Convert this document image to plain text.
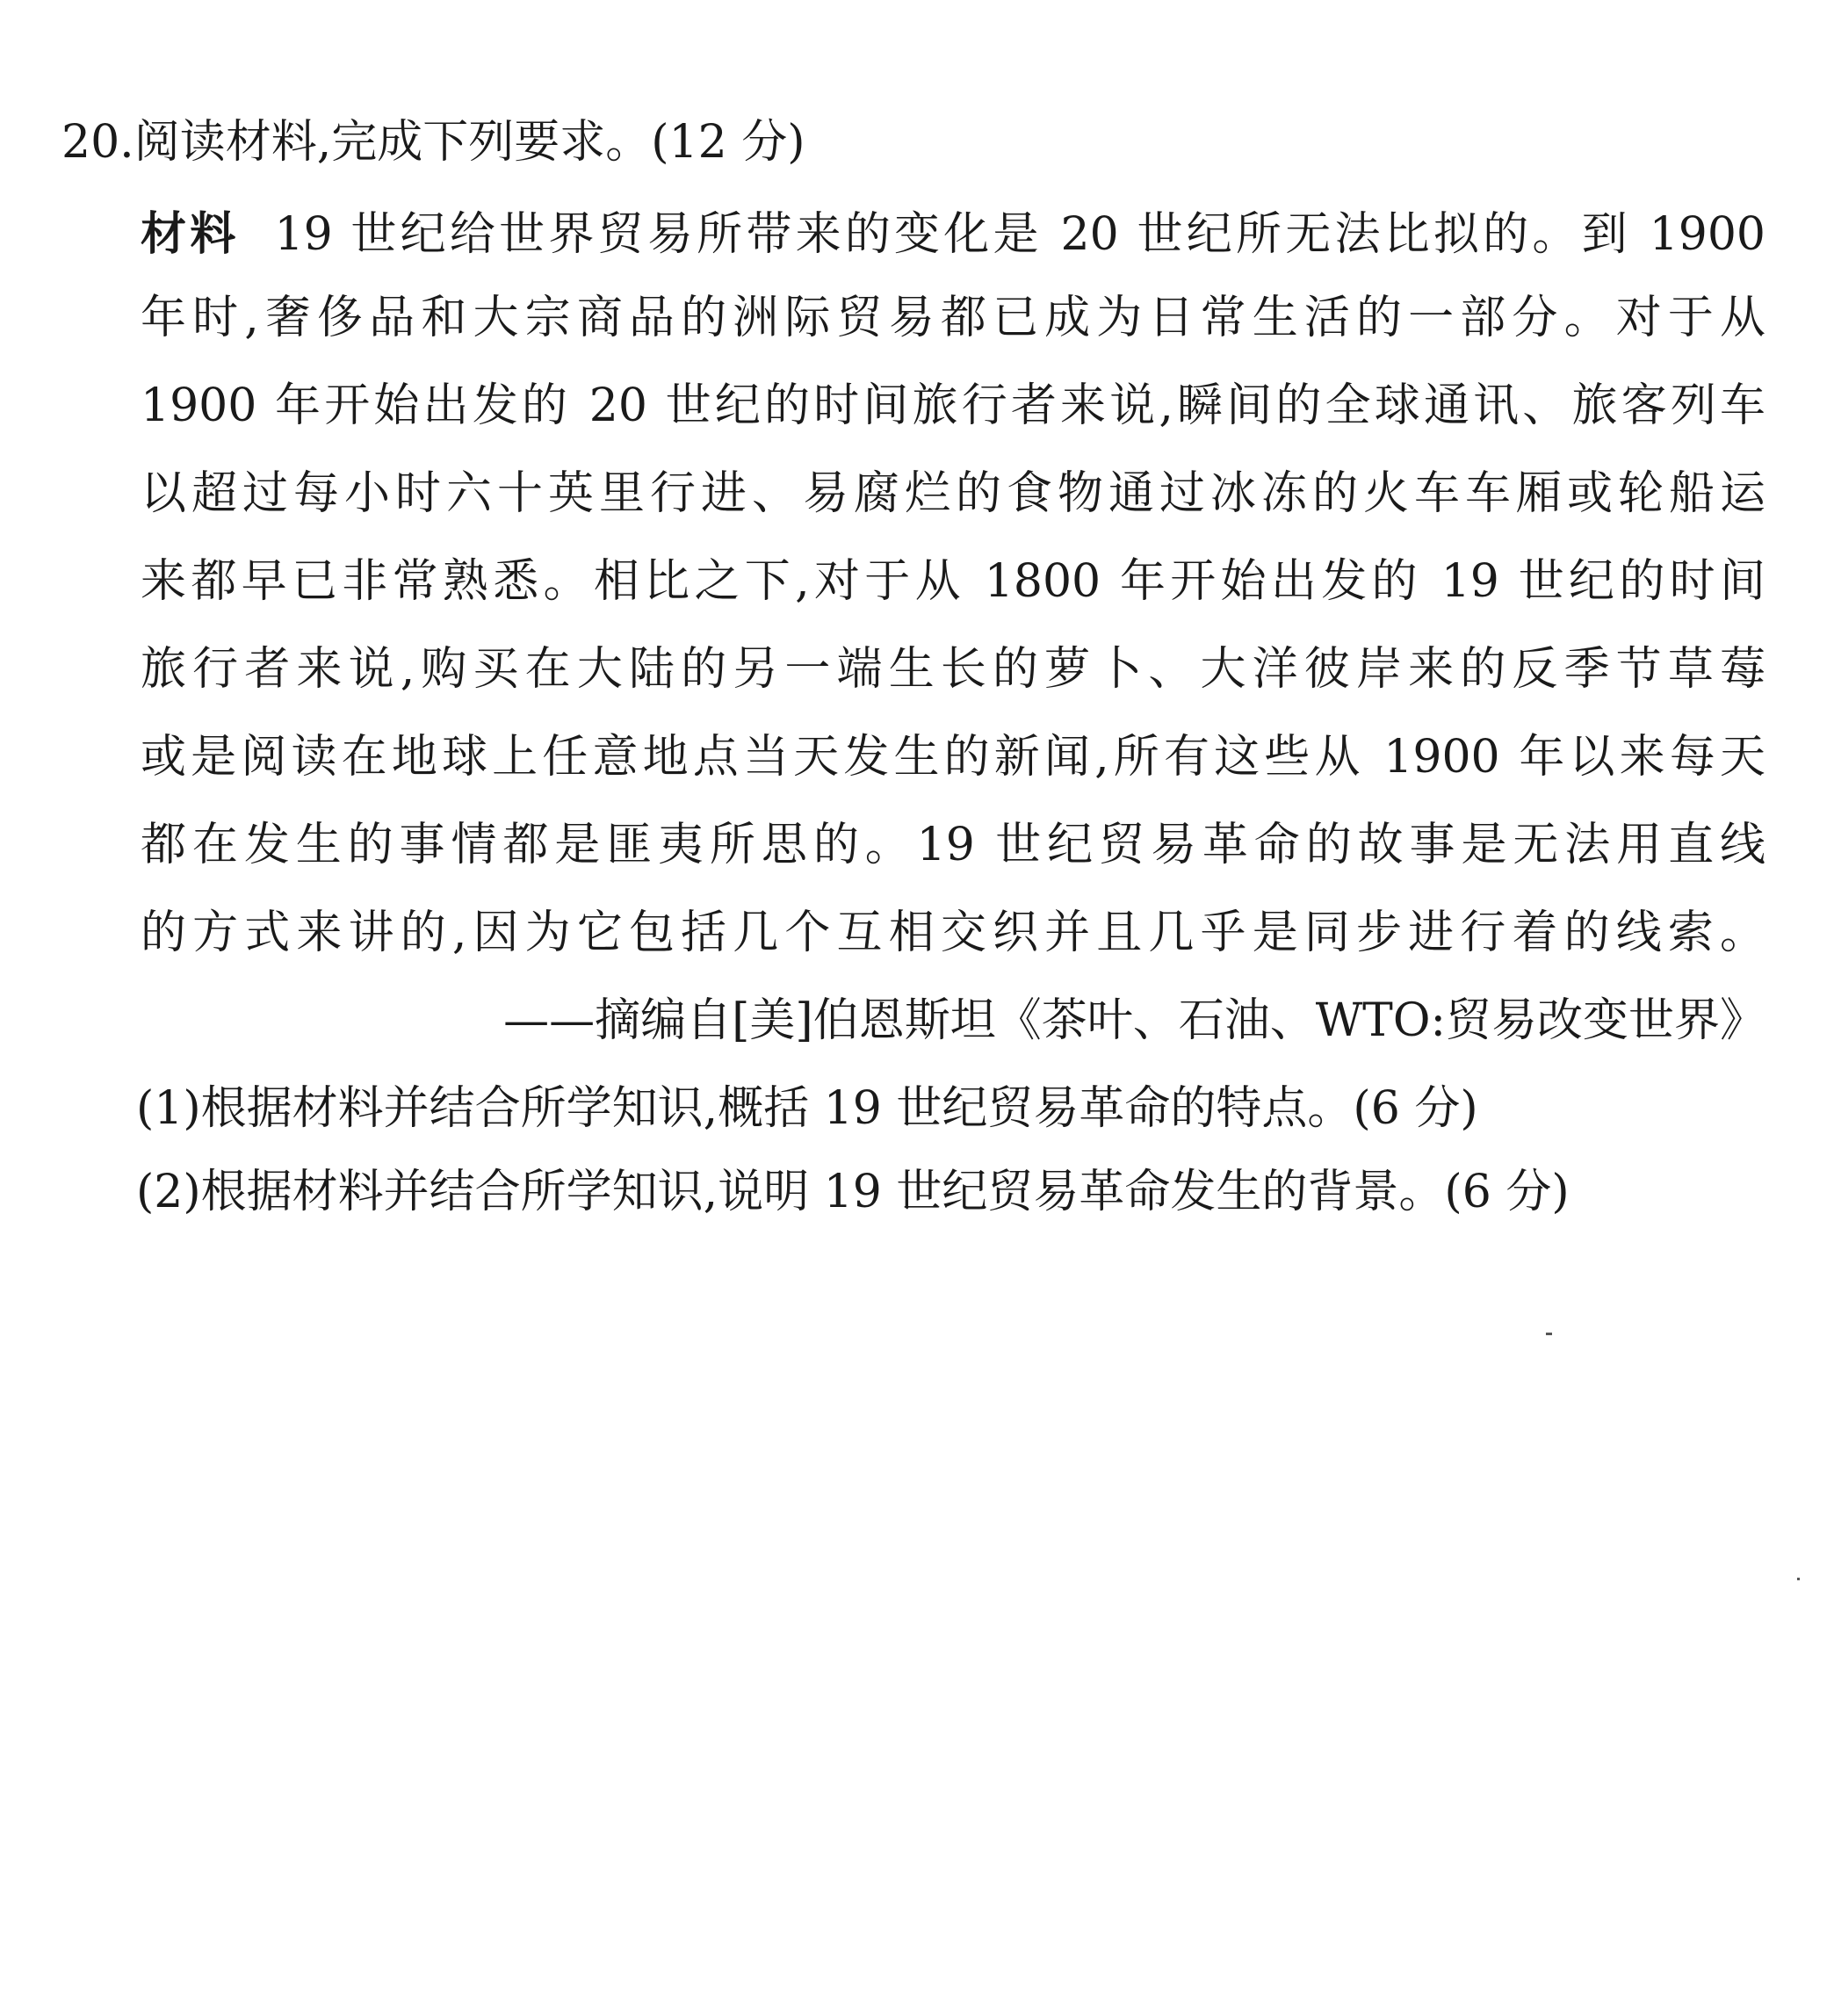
20.阅读材料,完成下列要求。(12 分)
材料 19 世纪给世界贸易所带来的变化是 20 世纪所无法比拟的。到 1900
年时,奢侈品和大宗商品的洲际贸易都已成为日常生活的一部分。对于从
1900 年开始出发的 20 世纪的时间旅行者来说,瞬间的全球通讯、旅客列车
以超过每小时六十英里行进、易腐烂的食物通过冰冻的火车车厢或轮船运
来都早已非常熟悉。相比之下,对于从 1800 年开始出发的 19 世纪的时间
旅行者来说,购买在大陆的另一端生长的萝卜、大洋彼岸来的反季节草莓
或是阅读在地球上任意地点当天发生的新闻,所有这些从 1900 年以来每天
都在发生的事情都是匪夷所思的。19 世纪贸易革命的故事是无法用直线
的方式来讲的,因为它包括几个互相交织并且几乎是同步进行着的线索。
——摘编自[美]伯恩斯坦《茶叶、石油、WTO:贸易改变世界》
(1)根据材料并结合所学知识,概括 19 世纪贸易革命的特点。(6 分)
(2)根据材料并结合所学知识,说明 19 世纪贸易革命发生的背景。(6 分)
